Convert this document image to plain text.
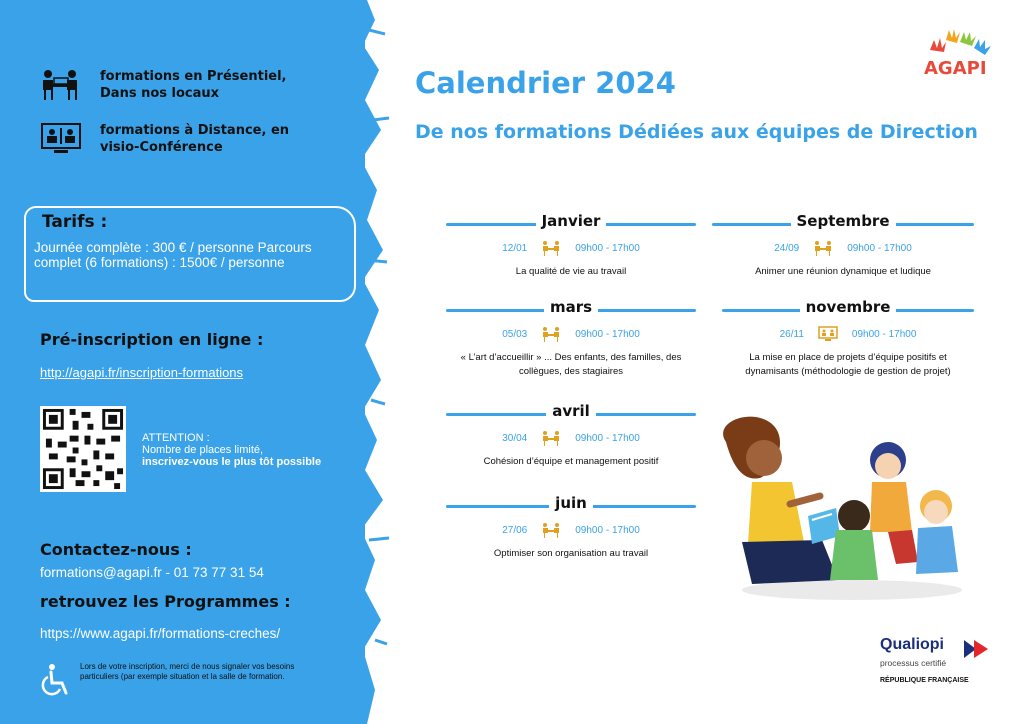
formations en Présentiel, Dans nos locaux
formations à Distance, en visio-Conférence
Tarifs :
Journée complète : 300 € / personne Parcours complet (6 formations) : 1500€ / personne
Pré-inscription en ligne :
http://agapi.fr/inscription-formations
ATTENTION :
Nombre de places limité,
inscrivez-vous le plus tôt possible
Contactez-nous :
formations@agapi.fr - 01 73 77 31 54
retrouvez les Programmes :
https://www.agapi.fr/formations-creches/
Lors de votre inscription, merci de nous signaler vos besoins particuliers (par exemple situation et la salle de formation.
AGAPI
Calendrier 2024
De nos formations Dédiées aux équipes de Direction
Janvier
12/01	09h00 - 17h00
La qualité de vie au travail
mars
05/03	09h00 - 17h00
« L’art d’accueillir » ... Des enfants, des familles, des collègues, des stagiaires
avril
30/04	09h00 - 17h00
Cohésion d’équipe et management positif
juin
27/06	09h00 - 17h00
Optimiser son organisation au travail
Septembre
24/09	09h00 - 17h00
Animer une réunion dynamique et ludique
novembre
26/11	09h00 - 17h00
La mise en place de projets d’équipe positifs et dynamisants (méthodologie de gestion de projet)
Qualiopi
processus certifié
RÉPUBLIQUE FRANÇAISE
